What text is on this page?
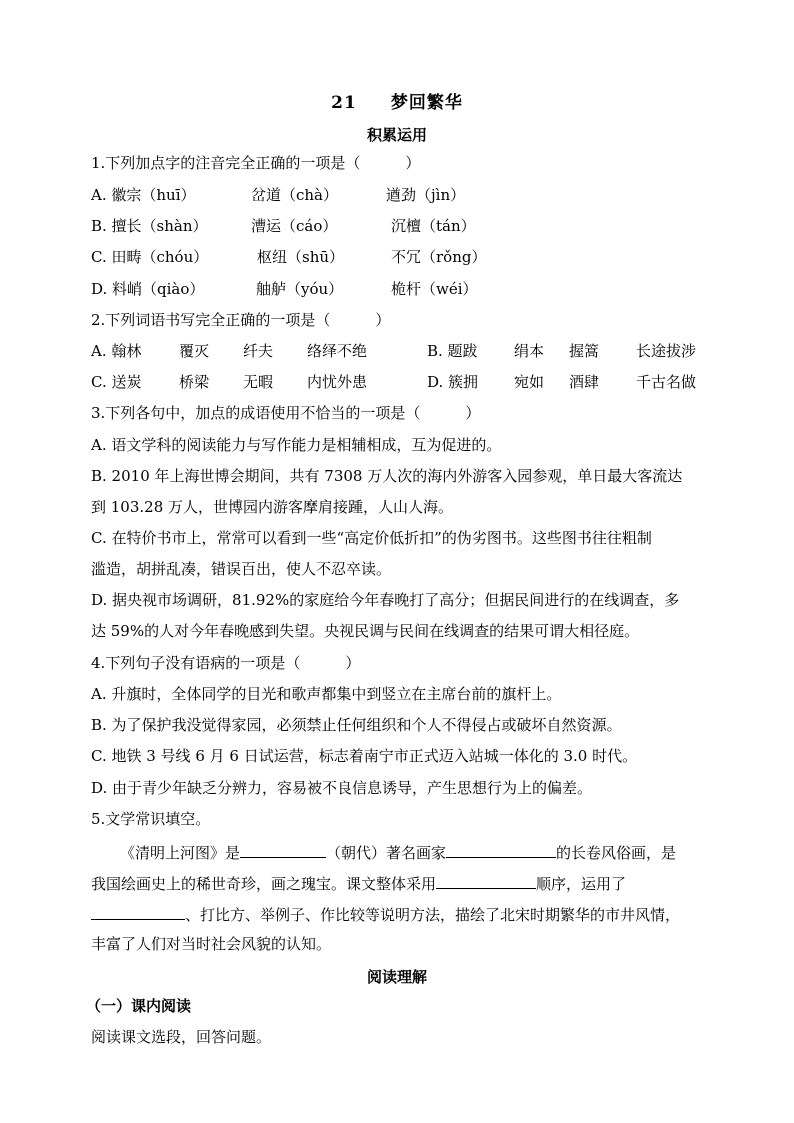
21 梦回繁华
积累运用
1.下列加点字的注音完全正确的一项是（　　　）
A. 徽宗（huī）	岔道（chà）	遒劲（jìn）
B. 擅长（shàn）	漕运（cáo）	沉檀（tán）
C. 田畴（chóu）	枢纽（shū）	不冗（rǒng）
D. 料峭（qiào）	舳舻（yóu）	桅杆（wéi）
2.下列词语书写完全正确的一项是（　　　）
A. 翰林	覆灭 纤夫 络绎不绝	B. 题跋 绢本 握篙 长途拔涉
C. 送炭	桥梁 无暇 内忧外患	D. 簇拥 宛如 酒肆 千古名做
3.下列各句中，加点的成语使用不恰当的一项是（　　　）
A. 语文学科的阅读能力与写作能力是相辅相成，互为促进的。
B. 2010 年上海世博会期间，共有 7308 万人次的海内外游客入园参观，单日最大客流达
到 103.28 万人，世博园内游客摩肩接踵，人山人海。
C. 在特价书市上，常常可以看到一些“高定价低折扣”的伪劣图书。这些图书往往粗制
滥造，胡拼乱凑，错误百出，使人不忍卒读。
D. 据央视市场调研，81.92%的家庭给今年春晚打了高分；但据民间进行的在线调查，多
达 59%的人对今年春晚感到失望。央视民调与民间在线调查的结果可谓大相径庭。
4.下列句子没有语病的一项是（　　　）
A. 升旗时，全体同学的目光和歌声都集中到竖立在主席台前的旗杆上。
B. 为了保护我没觉得家园，必须禁止任何组织和个人不得侵占或破坏自然资源。
C. 地铁 3 号线 6 月 6 日试运营，标志着南宁市正式迈入站城一体化的 3.0 时代。
D. 由于青少年缺乏分辨力，容易被不良信息诱导，产生思想行为上的偏差。
5.文学常识填空。
《清明上河图》是	（朝代）著名画家	的长卷风俗画，是
我国绘画史上的稀世奇珍，画之瑰宝。课文整体采用	顺序，运用了
、打比方、举例子、作比较等说明方法，描绘了北宋时期繁华的市井风情，
丰富了人们对当时社会风貌的认知。
阅读理解
（一）课内阅读
阅读课文选段，回答问题。
